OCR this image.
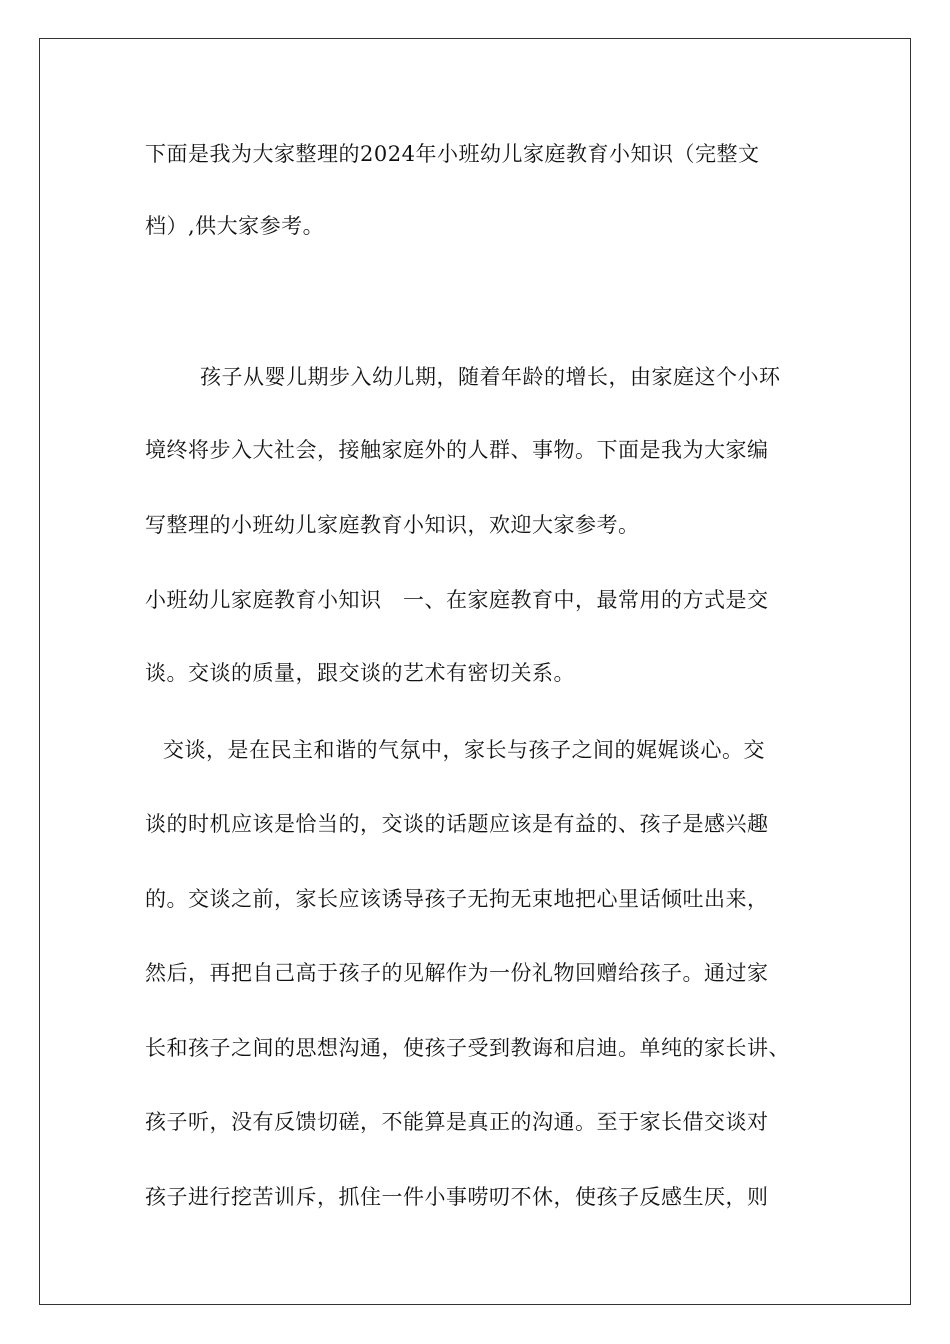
下面是我为大家整理的2024年小班幼儿家庭教育小知识（完整文
档）,供大家参考。
孩子从婴儿期步入幼儿期，随着年龄的增长，由家庭这个小环
境终将步入大社会，接触家庭外的人群、事物。下面是我为大家编
写整理的小班幼儿家庭教育小知识，欢迎大家参考。
小班幼儿家庭教育小知识　一、在家庭教育中，最常用的方式是交
谈。交谈的质量，跟交谈的艺术有密切关系。
交谈，是在民主和谐的气氛中，家长与孩子之间的娓娓谈心。交
谈的时机应该是恰当的，交谈的话题应该是有益的、孩子是感兴趣
的。交谈之前，家长应该诱导孩子无拘无束地把心里话倾吐出来，
然后，再把自己高于孩子的见解作为一份礼物回赠给孩子。通过家
长和孩子之间的思想沟通，使孩子受到教诲和启迪。单纯的家长讲、
孩子听，没有反馈切磋，不能算是真正的沟通。至于家长借交谈对
孩子进行挖苦训斥，抓住一件小事唠叨不休，使孩子反感生厌，则
